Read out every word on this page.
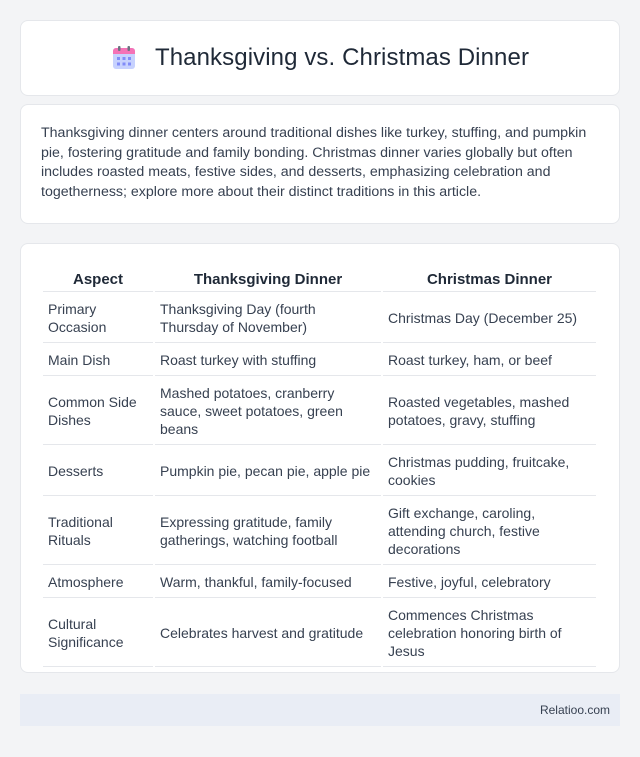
Thanksgiving vs. Christmas Dinner

Thanksgiving dinner centers around traditional dishes like turkey, stuffing, and pumpkin pie, fostering gratitude and family bonding. Christmas dinner varies globally but often includes roasted meats, festive sides, and desserts, emphasizing celebration and togetherness; explore more about their distinct traditions in this article.

Aspect	Thanksgiving Dinner	Christmas Dinner
Primary Occasion	Thanksgiving Day (fourth Thursday of November)	Christmas Day (December 25)
Main Dish	Roast turkey with stuffing	Roast turkey, ham, or beef
Common Side Dishes	Mashed potatoes, cranberry sauce, sweet potatoes, green beans	Roasted vegetables, mashed potatoes, gravy, stuffing
Desserts	Pumpkin pie, pecan pie, apple pie	Christmas pudding, fruitcake, cookies
Traditional Rituals	Expressing gratitude, family gatherings, watching football	Gift exchange, caroling, attending church, festive decorations
Atmosphere	Warm, thankful, family-focused	Festive, joyful, celebratory
Cultural Significance	Celebrates harvest and gratitude	Commences Christmas celebration honoring birth of Jesus
Relatioo.com
